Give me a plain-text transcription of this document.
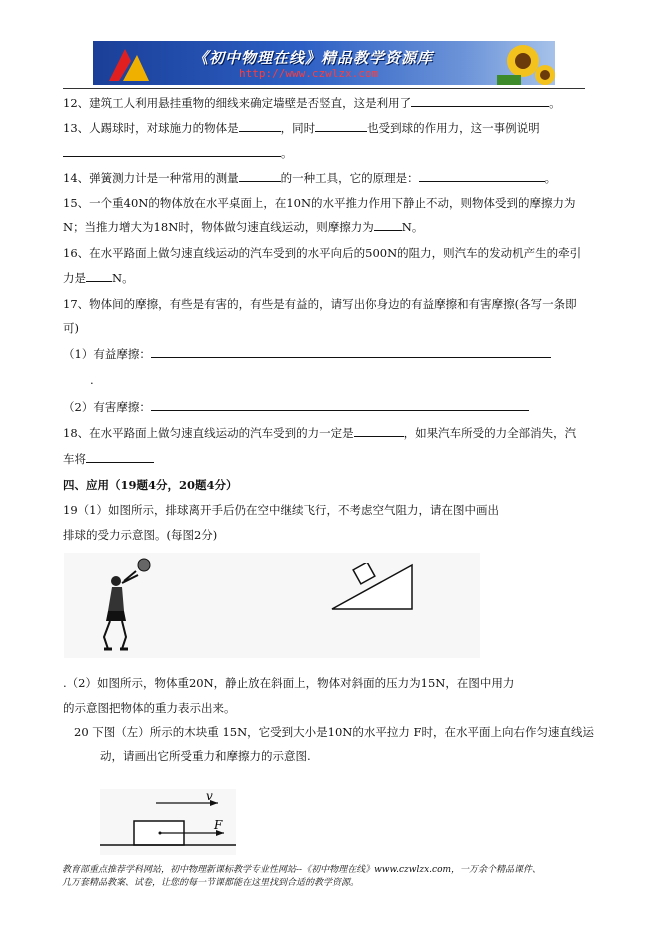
《初中物理在线》精品教学资源库
http://www.czwlzx.com
12、建筑工人利用悬挂重物的细线来确定墙壁是否竖直，这是利用了	。
13、人踢球时，对球施力的物体是	，同时	也受到球的作用力，这一事例说明
。
14、弹簧测力计是一种常用的测量	的一种工具，它的原理是：	。
15、一个重40N的物体放在水平桌面上，在10N的水平推力作用下静止不动，则物体受到的摩擦力为
N；当推力增大为18N时，物体做匀速直线运动，则摩擦力为 N。
16、在水平路面上做匀速直线运动的汽车受到的水平向后的500N的阻力，则汽车的发动机产生的牵引
力是 N。
17、物体间的摩擦，有些是有害的，有些是有益的，请写出你身边的有益摩擦和有害摩擦(各写一条即
可)
（1）有益摩擦：
.
（2）有害摩擦：
18、在水平路面上做匀速直线运动的汽车受到的力一定是	，如果汽车所受的力全部消失，汽
车将
四、应用（19题4分，20题4分）
19（1）如图所示，排球离开手后仍在空中继续飞行，不考虑空气阻力，请在图中画出
排球的受力示意图。(每图2分)
.（2）如图所示，物体重20N，静止放在斜面上，物体对斜面的压力为15N，在图中用力
的示意图把物体的重力表示出来。
20 下图（左）所示的木块重 15N，它受到大小是10N的水平拉力 F时，在水平面上向右作匀速直线运
动，请画出它所受重力和摩擦力的示意图.
v
F
教育部重点推荐学科网站，初中物理新课标教学专业性网站--《初中物理在线》www.czwlzx.com，一万余个精品课件、
几万套精品教案、试卷，让您的每一节课都能在这里找到合适的教学资源。
